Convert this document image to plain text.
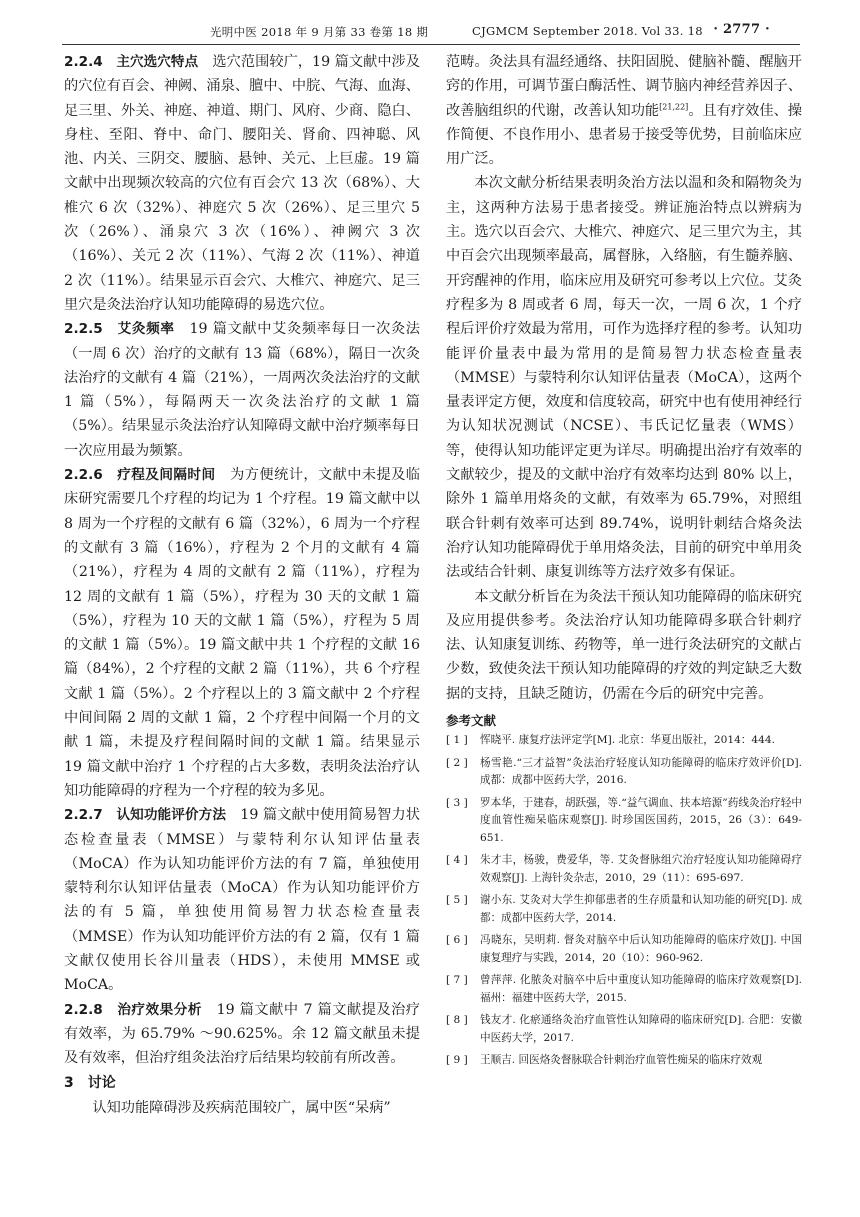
光明中医 2018 年 9 月第 33 卷第 18 期	CJGMCM September 2018. Vol 33. 18 · 2777 ·

2.2.4　主穴选穴特点　选穴范围较广，19 篇文献中涉及的穴位有百会、神阙、涌泉、膻中、中脘、气海、血海、足三里、外关、神庭、神道、期门、风府、少商、隐白、身柱、至阳、脊中、命门、腰阳关、肾俞、四神聪、风池、内关、三阴交、腰脑、悬钟、关元、上巨虚。19 篇文献中出现频次较高的穴位有百会穴 13 次（68%）、大椎穴 6 次（32%）、神庭穴 5 次（26%）、足三里穴 5 次（26%）、涌泉穴 3 次（16%）、神阙穴 3 次（16%）、关元 2 次（11%）、气海 2 次（11%）、神道 2 次（11%）。结果显示百会穴、大椎穴、神庭穴、足三里穴是灸法治疗认知功能障碍的易选穴位。

2.2.5　艾灸频率　19 篇文献中艾灸频率每日一次灸法（一周 6 次）治疗的文献有 13 篇（68%），隔日一次灸法治疗的文献有 4 篇（21%），一周两次灸法治疗的文献 1 篇（5%），每隔两天一次灸法治疗的文献 1 篇（5%）。结果显示灸法治疗认知障碍文献中治疗频率每日一次应用最为频繁。

2.2.6　疗程及间隔时间　为方便统计，文献中未提及临床研究需要几个疗程的均记为 1 个疗程。19 篇文献中以 8 周为一个疗程的文献有 6 篇（32%），6 周为一个疗程的文献有 3 篇（16%），疗程为 2 个月的文献有 4 篇（21%），疗程为 4 周的文献有 2 篇（11%），疗程为 12 周的文献有 1 篇（5%），疗程为 30 天的文献 1 篇（5%），疗程为 10 天的文献 1 篇（5%），疗程为 5 周的文献 1 篇（5%）。19 篇文献中共 1 个疗程的文献 16 篇（84%），2 个疗程的文献 2 篇（11%），共 6 个疗程文献 1 篇（5%）。2 个疗程以上的 3 篇文献中 2 个疗程中间间隔 2 周的文献 1 篇，2 个疗程中间隔一个月的文献 1 篇，未提及疗程间隔时间的文献 1 篇。结果显示 19 篇文献中治疗 1 个疗程的占大多数，表明灸法治疗认知功能障碍的疗程为一个疗程的较为多见。

2.2.7　认知功能评价方法　19 篇文献中使用简易智力状态检查量表（MMSE）与蒙特利尔认知评估量表（MoCA）作为认知功能评价方法的有 7 篇，单独使用蒙特利尔认知评估量表（MoCA）作为认知功能评价方法的有 5 篇，单独使用简易智力状态检查量表（MMSE）作为认知功能评价方法的有 2 篇，仅有 1 篇文献仅使用长谷川量表（HDS），未使用 MMSE 或 MoCA。

2.2.8　治疗效果分析　19 篇文献中 7 篇文献提及治疗有效率，为 65.79% ～90.625%。余 12 篇文献虽未提及有效率，但治疗组灸法治疗后结果均较前有所改善。

3　讨论

认知功能障碍涉及疾病范围较广，属中医“呆病”

范畴。灸法具有温经通络、扶阳固脱、健脑补髓、醒脑开窍的作用，可调节蛋白酶活性、调节脑内神经营养因子、改善脑组织的代谢，改善认知功能[21,22]。且有疗效佳、操作简便、不良作用小、患者易于接受等优势，目前临床应用广泛。

本次文献分析结果表明灸治方法以温和灸和隔物灸为主，这两种方法易于患者接受。辨证施治特点以辨病为主。选穴以百会穴、大椎穴、神庭穴、足三里穴为主，其中百会穴出现频率最高，属督脉，入络脑，有生髓养脑、开窍醒神的作用，临床应用及研究可参考以上穴位。艾灸疗程多为 8 周或者 6 周，每天一次，一周 6 次，1 个疗程后评价疗效最为常用，可作为选择疗程的参考。认知功能评价量表中最为常用的是简易智力状态检查量表（MMSE）与蒙特利尔认知评估量表（MoCA），这两个量表评定方便，效度和信度较高，研究中也有使用神经行为认知状况测试（NCSE）、韦氏记忆量表（WMS）等，使得认知功能评定更为详尽。明确提出治疗有效率的文献较少，提及的文献中治疗有效率均达到 80% 以上，除外 1 篇单用烙灸的文献，有效率为 65.79%，对照组联合针刺有效率可达到 89.74%，说明针刺结合烙灸法治疗认知功能障碍优于单用烙灸法，目前的研究中单用灸法或结合针刺、康复训练等方法疗效多有保证。

本文献分析旨在为灸法干预认知功能障碍的临床研究及应用提供参考。灸法治疗认知功能障碍多联合针刺疗法、认知康复训练、药物等，单一进行灸法研究的文献占少数，致使灸法干预认知功能障碍的疗效的判定缺乏大数据的支持，且缺乏随访，仍需在今后的研究中完善。

参考文献
[ 1 ]	恽晓平. 康复疗法评定学[M]. 北京：华夏出版社，2014：444.
[ 2 ]	杨雪艳.“三才益智”灸法治疗轻度认知功能障碍的临床疗效评价[D]. 成都：成都中医药大学，2016.
[ 3 ]	罗本华，于建春，胡跃强，等.“益气调血、扶本培源”药线灸治疗轻中度血管性痴呆临床观察[J]. 时珍国医国药，2015，26（3）：649-651.
[ 4 ]	朱才丰，杨骏，费爱华，等. 艾灸督脉组穴治疗轻度认知功能障碍疗效观察[J]. 上海针灸杂志，2010，29（11）：695-697.
[ 5 ]	谢小东. 艾灸对大学生抑郁患者的生存质量和认知功能的研究[D]. 成都：成都中医药大学，2014.
[ 6 ]	冯晓东，吴明莉. 督灸对脑卒中后认知功能障碍的临床疗效[J]. 中国康复理疗与实践，2014，20（10）：960-962.
[ 7 ]	曾萍萍. 化脓灸对脑卒中后中重度认知功能障碍的临床疗效观察[D]. 福州：福建中医药大学，2015.
[ 8 ]	钱友才. 化瘀通络灸治疗血管性认知障碍的临床研究[D]. 合肥：安徽中医药大学，2017.
[ 9 ]	王顺吉. 回医烙灸督脉联合针刺治疗血管性痴呆的临床疗效观
